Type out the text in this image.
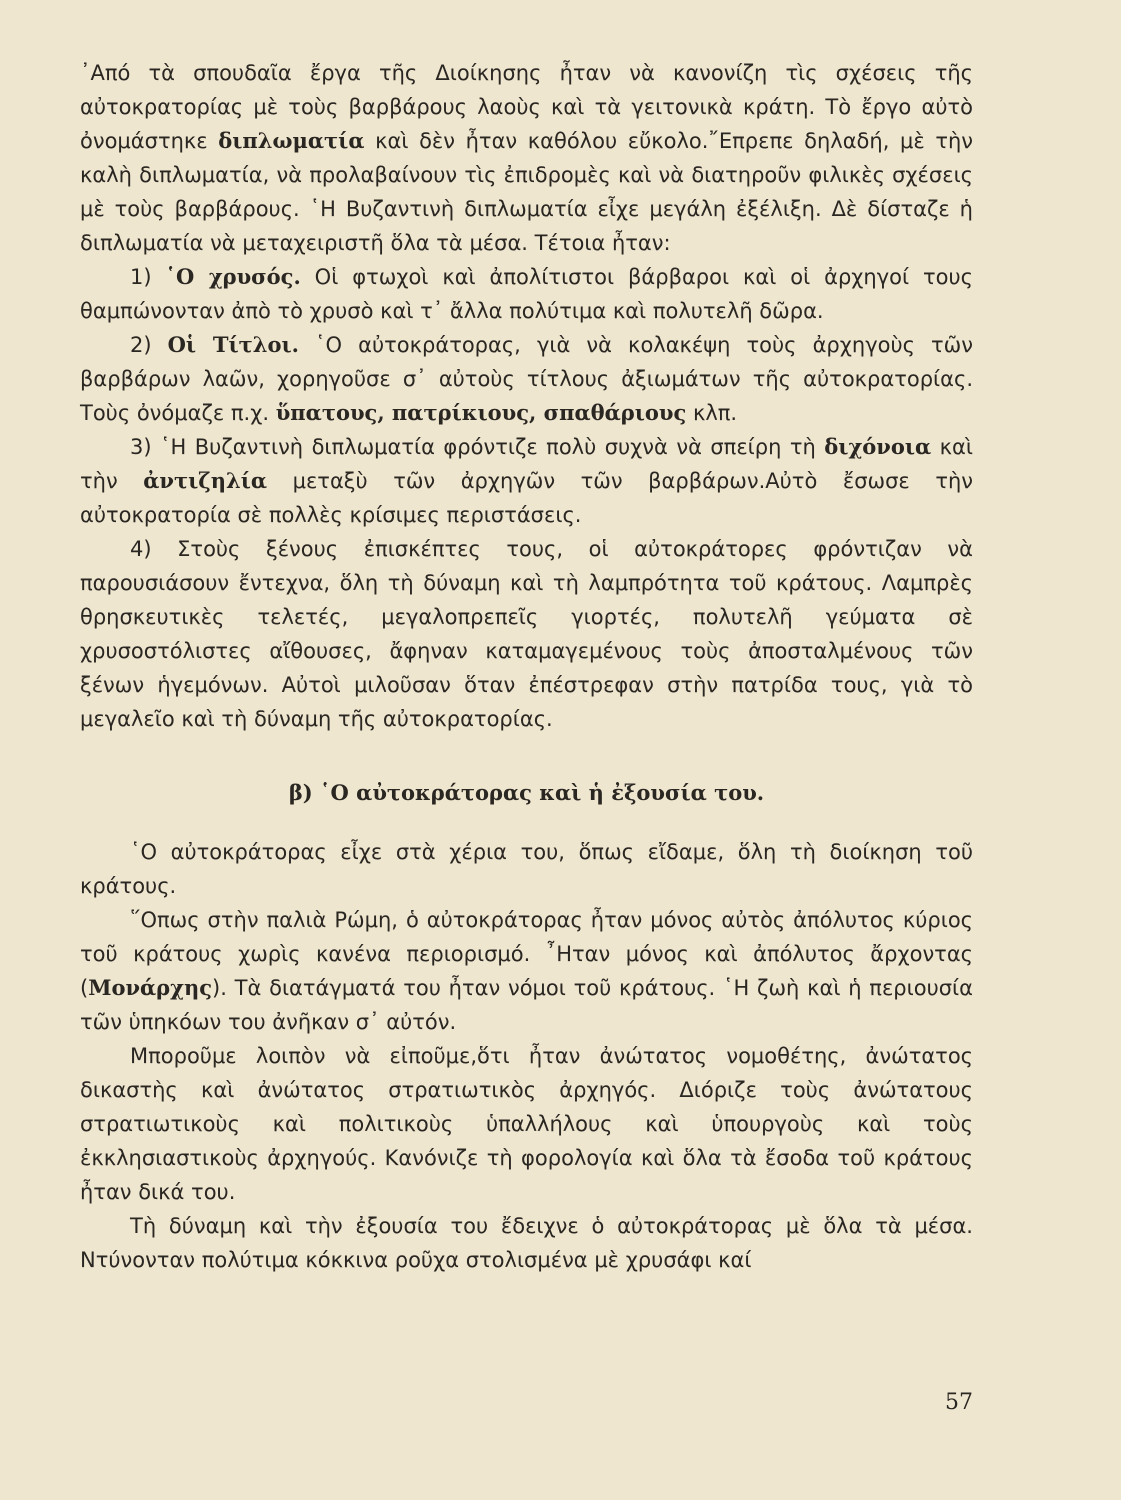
᾿Από τὰ σπουδαῖα ἔργα τῆς Διοίκησης ἦταν νὰ κανονίζη τὶς σχέσεις τῆς αὐτοκρατορίας μὲ τοὺς βαρβάρους λαοὺς καὶ τὰ γειτονικὰ κράτη. Τὸ ἔργο αὐτὸ ὀνομάστηκε διπλωματία καὶ δὲν ἦταν καθόλου εὔκολο.῎Επρεπε δηλαδή, μὲ τὴν καλὴ διπλωματία, νὰ προλαβαίνουν τὶς ἐπιδρομὲς καὶ νὰ διατηροῦν φιλικὲς σχέσεις μὲ τοὺς βαρβάρους. ῾Η Βυζαντινὴ διπλωματία εἶχε μεγάλη ἐξέλιξη. Δὲ δίσταζε ἡ διπλωματία νὰ μεταχειριστῆ ὅλα τὰ μέσα. Τέτοια ἦταν:

1) ῾Ο χρυσός. Οἱ φτωχοὶ καὶ ἀπολίτιστοι βάρβαροι καὶ οἱ ἀρχηγοί τους θαμπώνονταν ἀπὸ τὸ χρυσὸ καὶ τ᾿ ἄλλα πολύτιμα καὶ πολυτελῆ δῶρα.

2) Οἱ Τίτλοι. ῾Ο αὐτοκράτορας, γιὰ νὰ κολακέψη τοὺς ἀρχηγοὺς τῶν βαρβάρων λαῶν, χορηγοῦσε σ᾿ αὐτοὺς τίτλους ἀξιωμάτων τῆς αὐτοκρατορίας. Τοὺς ὀνόμαζε π.χ. ὕπατους, πατρίκιους, σπαθάριους κλπ.

3) ῾Η Βυζαντινὴ διπλωματία φρόντιζε πολὺ συχνὰ νὰ σπείρη τὴ διχόνοια καὶ τὴν ἀντιζηλία μεταξὺ τῶν ἀρχηγῶν τῶν βαρβάρων.Αὐτὸ ἔσωσε τὴν αὐτοκρατορία σὲ πολλὲς κρίσιμες περιστάσεις.

4) Στοὺς ξένους ἐπισκέπτες τους, οἱ αὐτοκράτορες φρόντιζαν νὰ παρουσιάσουν ἔντεχνα, ὅλη τὴ δύναμη καὶ τὴ λαμπρότητα τοῦ κράτους. Λαμπρὲς θρησκευτικὲς τελετές, μεγαλοπρεπεῖς γιορτές, πολυτελῆ γεύματα σὲ χρυσοστόλιστες αἴθουσες, ἄφηναν καταμαγεμένους τοὺς ἀποσταλμένους τῶν ξένων ἡγεμόνων. Αὐτοὶ μιλοῦσαν ὅταν ἐπέστρεφαν στὴν πατρίδα τους, γιὰ τὸ μεγαλεῖο καὶ τὴ δύναμη τῆς αὐτοκρατορίας.

β) ῾Ο αὐτοκράτορας καὶ ἡ ἐξουσία του.

῾Ο αὐτοκράτορας εἶχε στὰ χέρια του, ὅπως εἴδαμε, ὅλη τὴ διοίκηση τοῦ κράτους.

῞Οπως στὴν παλιὰ Ρώμη, ὁ αὐτοκράτορας ἦταν μόνος αὐτὸς ἀπόλυτος κύριος τοῦ κράτους χωρὶς κανένα περιορισμό. ῏Ηταν μόνος καὶ ἀπόλυτος ἄρχοντας (Μονάρχης). Τὰ διατάγματά του ἦταν νόμοι τοῦ κράτους. ῾Η ζωὴ καὶ ἡ περιουσία τῶν ὑπηκόων του ἀνῆκαν σ᾿ αὐτόν.

Μποροῦμε λοιπὸν νὰ εἰποῦμε,ὅτι ἦταν ἀνώτατος νομοθέτης, ἀνώτατος δικαστὴς καὶ ἀνώτατος στρατιωτικὸς ἀρχηγός. Διόριζε τοὺς ἀνώτατους στρατιωτικοὺς καὶ πολιτικοὺς ὑπαλλήλους καὶ ὑπουργοὺς καὶ τοὺς ἐκκλησιαστικοὺς ἀρχηγούς. Κανόνιζε τὴ φορολογία καὶ ὅλα τὰ ἔσοδα τοῦ κράτους ἦταν δικά του.

Τὴ δύναμη καὶ τὴν ἐξουσία του ἔδειχνε ὁ αὐτοκράτορας μὲ ὅλα τὰ μέσα. Ντύνονταν πολύτιμα κόκκινα ροῦχα στολισμένα μὲ χρυσάφι καί

57
